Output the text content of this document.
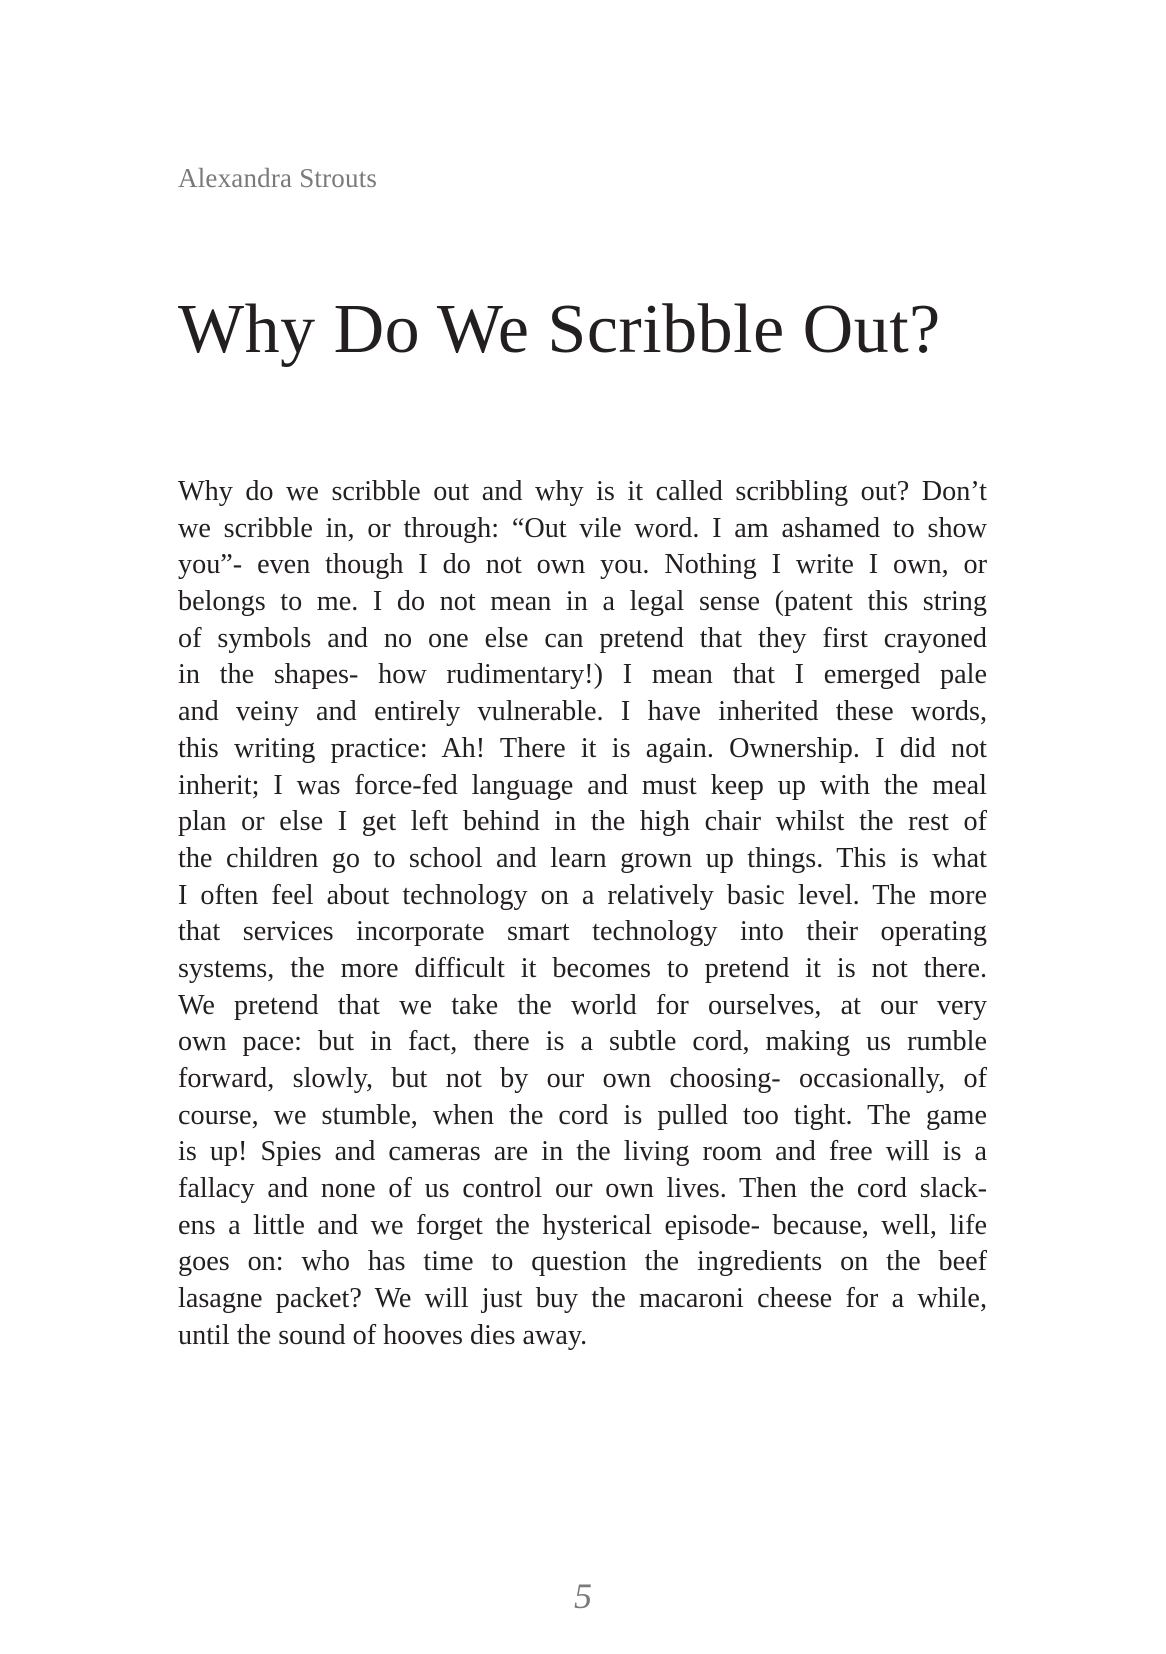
Alexandra Strouts
Why Do We Scribble Out?
Why do we scribble out and why is it called scribbling out? Don’t
we scribble in, or through: “Out vile word. I am ashamed to show
you”- even though I do not own you. Nothing I write I own, or
belongs to me. I do not mean in a legal sense (patent this string
of symbols and no one else can pretend that they first crayoned
in the shapes- how rudimentary!) I mean that I emerged pale
and veiny and entirely vulnerable. I have inherited these words,
this writing practice: Ah! There it is again. Ownership. I did not
inherit; I was force-fed language and must keep up with the meal
plan or else I get left behind in the high chair whilst the rest of
the children go to school and learn grown up things. This is what
I often feel about technology on a relatively basic level. The more
that services incorporate smart technology into their operating
systems, the more difficult it becomes to pretend it is not there.
We pretend that we take the world for ourselves, at our very
own pace: but in fact, there is a subtle cord, making us rumble
forward, slowly, but not by our own choosing- occasionally, of
course, we stumble, when the cord is pulled too tight. The game
is up! Spies and cameras are in the living room and free will is a
fallacy and none of us control our own lives. Then the cord slack-
ens a little and we forget the hysterical episode- because, well, life
goes on: who has time to question the ingredients on the beef
lasagne packet? We will just buy the macaroni cheese for a while,
until the sound of hooves dies away.
5
